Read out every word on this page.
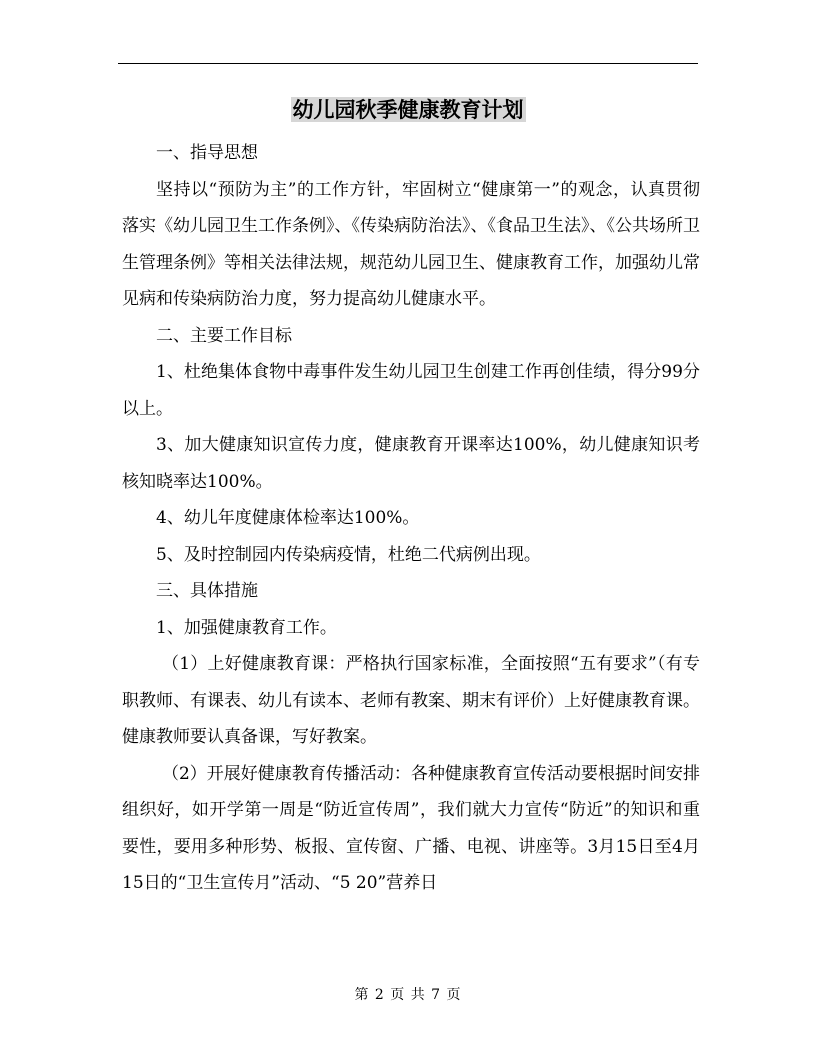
幼儿园秋季健康教育计划

一、指导思想

坚持以“预防为主”的工作方针，牢固树立“健康第一”的观念，认真贯彻落实《幼儿园卫生工作条例》、《传染病防治法》、《食品卫生法》、《公共场所卫生管理条例》等相关法律法规，规范幼儿园卫生、健康教育工作，加强幼儿常见病和传染病防治力度，努力提高幼儿健康水平。

二、主要工作目标

1、杜绝集体食物中毒事件发生幼儿园卫生创建工作再创佳绩，得分99分以上。

3、加大健康知识宣传力度，健康教育开课率达100%，幼儿健康知识考核知晓率达100%。

4、幼儿年度健康体检率达100%。

5、及时控制园内传染病疫情，杜绝二代病例出现。

三、具体措施

1、加强健康教育工作。

（1）上好健康教育课：严格执行国家标准，全面按照“五有要求”（有专职教师、有课表、幼儿有读本、老师有教案、期末有评价）上好健康教育课。健康教师要认真备课，写好教案。

（2）开展好健康教育传播活动：各种健康教育宣传活动要根据时间安排组织好，如开学第一周是“防近宣传周”，我们就大力宣传“防近”的知识和重要性，要用多种形势、板报、宣传窗、广播、电视、讲座等。3月15日至4月15日的“卫生宣传月”活动、“5 20”营养日

第 2 页 共 7 页
